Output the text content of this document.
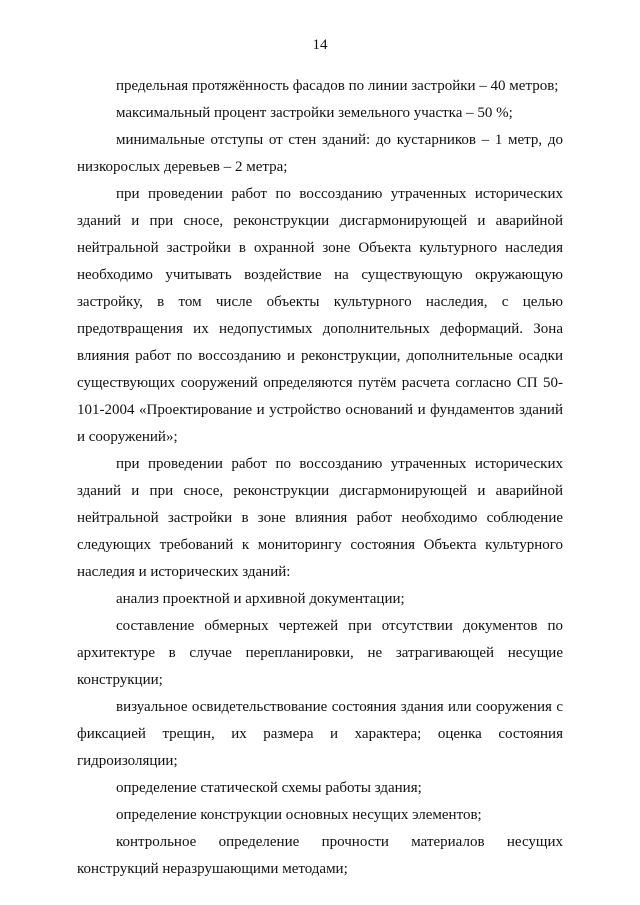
14

предельная протяжённость фасадов по линии застройки – 40 метров;

максимальный процент застройки земельного участка – 50 %;

минимальные отступы от стен зданий: до кустарников – 1 метр, до низкорослых деревьев – 2 метра;

при проведении работ по воссозданию утраченных исторических зданий и при сносе, реконструкции дисгармонирующей и аварийной нейтральной застройки в охранной зоне Объекта культурного наследия необходимо учитывать воздействие на существующую окружающую застройку, в том числе объекты культурного наследия, с целью предотвращения их недопустимых дополнительных деформаций. Зона влияния работ по воссозданию и реконструкции, дополнительные осадки существующих сооружений определяются путём расчета согласно СП 50-101-2004 «Проектирование и устройство оснований и фундаментов зданий и сооружений»;

при проведении работ по воссозданию утраченных исторических зданий и при сносе, реконструкции дисгармонирующей и аварийной нейтральной застройки в зоне влияния работ необходимо соблюдение следующих требований к мониторингу состояния Объекта культурного наследия и исторических зданий:

анализ проектной и архивной документации;

составление обмерных чертежей при отсутствии документов по архитектуре в случае перепланировки, не затрагивающей несущие конструкции;

визуальное освидетельствование состояния здания или сооружения с фиксацией трещин, их размера и характера; оценка состояния гидроизоляции;

определение статической схемы работы здания;

определение конструкции основных несущих элементов;

контрольное определение прочности материалов несущих конструкций неразрушающими методами;
